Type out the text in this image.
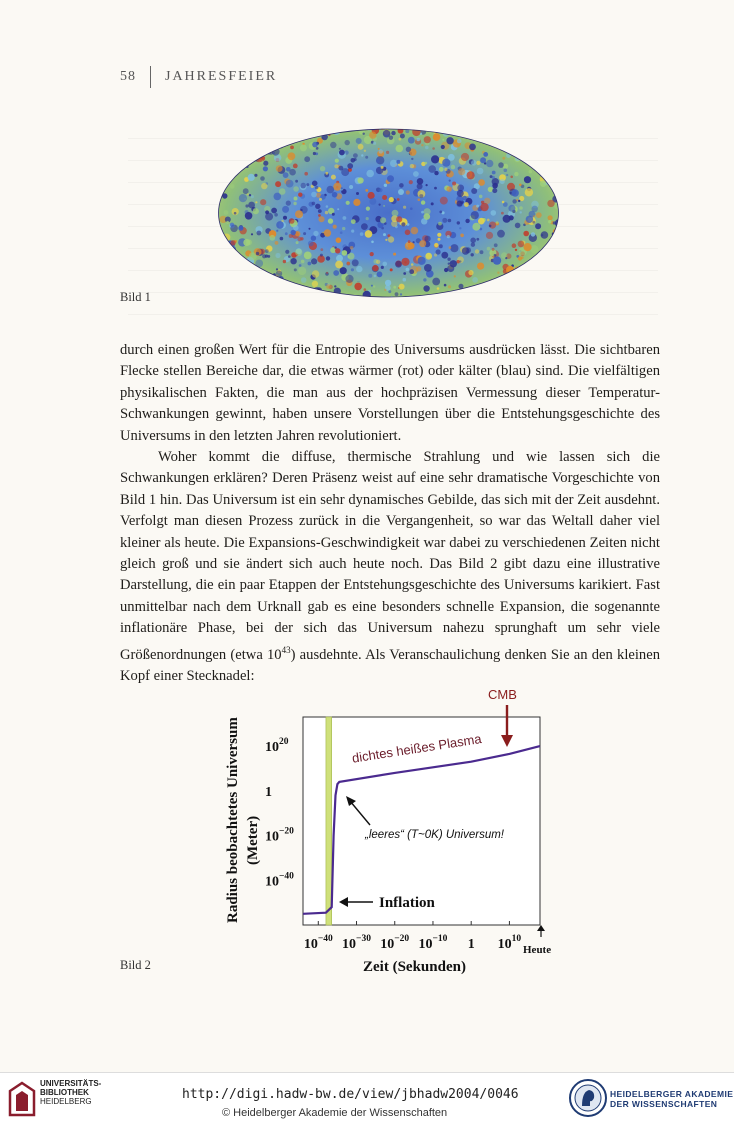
58 JAHRESFEIER
Bild 1

durch einen großen Wert für die Entropie des Universums ausdrücken lässt. Die sichtbaren Flecke stellen Bereiche dar, die etwas wärmer (rot) oder kälter (blau) sind. Die vielfältigen physikalischen Fakten, die man aus der hochpräzisen Vermessung dieser Temperatur-Schwankungen gewinnt, haben unsere Vorstellungen über die Entstehungsgeschichte des Universums in den letzten Jahren revolutioniert.

Woher kommt die diffuse, thermische Strahlung und wie lassen sich die Schwankungen erklären? Deren Präsenz weist auf eine sehr dramatische Vorgeschichte von Bild 1 hin. Das Universum ist ein sehr dynamisches Gebilde, das sich mit der Zeit ausdehnt. Verfolgt man diesen Prozess zurück in die Vergangenheit, so war das Weltall daher viel kleiner als heute. Die Expansions-Geschwindigkeit war dabei zu verschiedenen Zeiten nicht gleich groß und sie ändert sich auch heute noch. Das Bild 2 gibt dazu eine illustrative Darstellung, die ein paar Etappen der Entstehungsgeschichte des Universums karikiert. Fast unmittelbar nach dem Urknall gab es eine besonders schnelle Expansion, die sogenannte inflationäre Phase, bei der sich das Universum nahezu sprunghaft um sehr viele Größenordnungen (etwa $10^{43}$) ausdehnte. Als Veranschaulichung denken Sie an den kleinen Kopf einer Stecknadel:

$10^{20}$
1
$10^{-20}$
$10^{-40}$
$10^{-40}$ $10^{-30}$ $10^{-20}$ $10^{-10}$ 1 $10^{10}$
dichtes heißes Plasma
„leeres“ (T~0K) Universum!
Inflation
CMB
Heute
Zeit (Sekunden)
Radius beobachtetes Universum (Meter)
Bild 2
UNIVERSITÄTS-
BIBLIOTHEK
HEIDELBERG	http://digi.hadw-bw.de/view/jbhadw2004/0046
© Heidelberger Akademie der Wissenschaften
HEIDELBERGER AKADEMIE
DER WISSENSCHAFTEN
